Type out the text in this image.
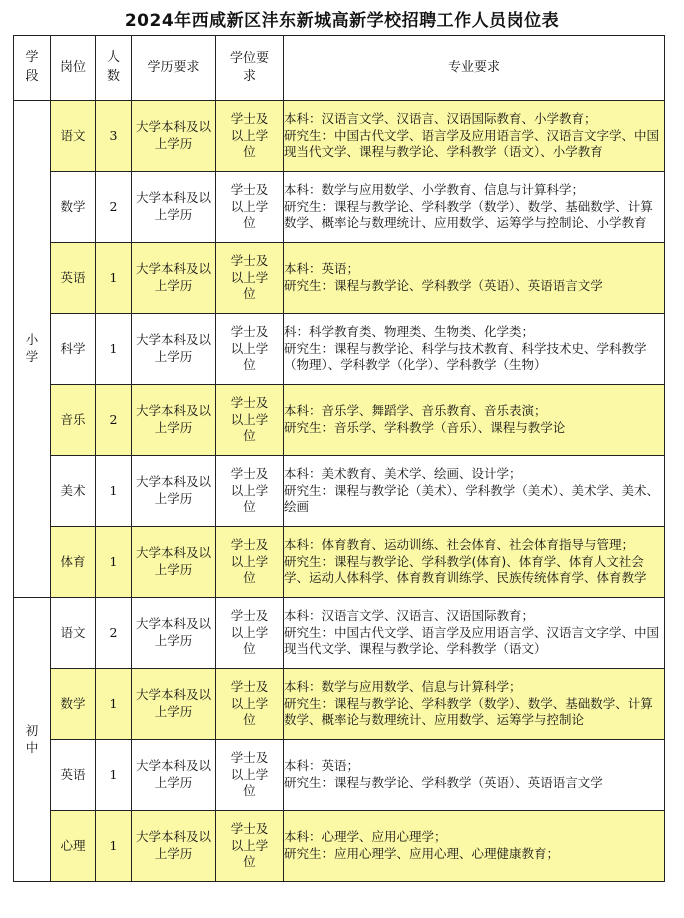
2024年西咸新区沣东新城高新学校招聘工作人员岗位表
学段	岗位	人数	学历要求	学位要求	专业要求
小学	语文	3	大学本科及以上学历	学士及以上学位	本科：汉语言文学、汉语言、汉语国际教育、小学教育；
研究生：中国古代文学、语言学及应用语言学、汉语言文字学、中国现当代文学、课程与教学论、学科教学（语文）、小学教育

	数学	2	大学本科及以上学历	学士及以上学位	本科：数学与应用数学、小学教育、信息与计算科学；
研究生：课程与教学论、学科教学（数学）、数学、基础数学、计算数学、概率论与数理统计、应用数学、运筹学与控制论、小学教育

	英语	1	大学本科及以上学历	学士及以上学位	本科：英语；
研究生：课程与教学论、学科教学（英语）、英语语言文学

	科学	1	大学本科及以上学历	学士及以上学位	科：科学教育类、物理类、生物类、化学类；
研究生：课程与教学论、科学与技术教育、科学技术史、学科教学（物理）、学科教学（化学）、学科教学（生物）

	音乐	2	大学本科及以上学历	学士及以上学位	本科：音乐学、舞蹈学、音乐教育、音乐表演；
研究生：音乐学、学科教学（音乐）、课程与教学论

	美术	1	大学本科及以上学历	学士及以上学位	本科：美术教育、美术学、绘画、设计学；
研究生：课程与教学论（美术）、学科教学（美术）、美术学、美术、绘画

	体育	1	大学本科及以上学历	学士及以上学位	本科：体育教育、运动训练、社会体育、社会体育指导与管理；
研究生：课程与教学论、学科教学(体育)、体育学、体育人文社会学、运动人体科学、体育教育训练学、民族传统体育学、体育教学

初中	语文	2	大学本科及以上学历	学士及以上学位	本科：汉语言文学、汉语言、汉语国际教育；
研究生：中国古代文学、语言学及应用语言学、汉语言文字学、中国现当代文学、课程与教学论、学科教学（语文）

	数学	1	大学本科及以上学历	学士及以上学位	本科：数学与应用数学、信息与计算科学；
研究生：课程与教学论、学科教学（数学）、数学、基础数学、计算数学、概率论与数理统计、应用数学、运筹学与控制论

	英语	1	大学本科及以上学历	学士及以上学位	本科：英语；
研究生：课程与教学论、学科教学（英语）、英语语言文学

	心理	1	大学本科及以上学历	学士及以上学位	本科：心理学、应用心理学；
研究生：应用心理学、应用心理、心理健康教育；
